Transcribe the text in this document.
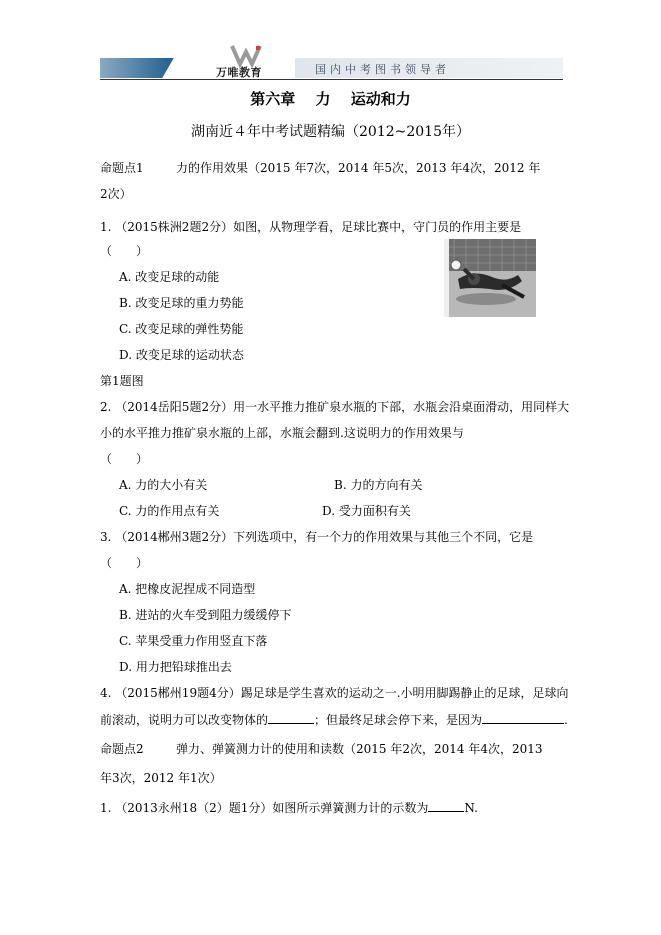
万唯教育	国内中考图书领导者
第六章　 力 　运动和力
湖南近４年中考试题精编（2012~2015年）
命题点1	力的作用效果（2015 年7次，2014 年5次，2013 年4次，2012 年
2次）
1. （2015株洲2题2分）如图，从物理学看，足球比赛中，守门员的作用主要是
（　　）
A. 改变足球的动能
B. 改变足球的重力势能
C. 改变足球的弹性势能
D. 改变足球的运动状态
第1题图
2. （2014岳阳5题2分）用一水平推力推矿泉水瓶的下部，水瓶会沿桌面滑动，用同样大
小的水平推力推矿泉水瓶的上部，水瓶会翻到.这说明力的作用效果与
（　　）
A. 力的大小有关	B. 力的方向有关
C. 力的作用点有关	D. 受力面积有关
3. （2014郴州3题2分）下列选项中，有一个力的作用效果与其他三个不同，它是
（　　）
A. 把橡皮泥捏成不同造型
B. 进站的火车受到阻力缓缓停下
C. 苹果受重力作用竖直下落
D. 用力把铅球推出去
4. （2015郴州19题4分）踢足球是学生喜欢的运动之一.小明用脚踢静止的足球，足球向
前滚动，说明力可以改变物体的	；但最终足球会停下来，是因为	.
命题点2	弹力、弹簧测力计的使用和读数（2015 年2次，2014 年4次，2013
年3次，2012 年1次）
1. （2013永州18（2）题1分）如图所示弹簧测力计的示数为	N.
